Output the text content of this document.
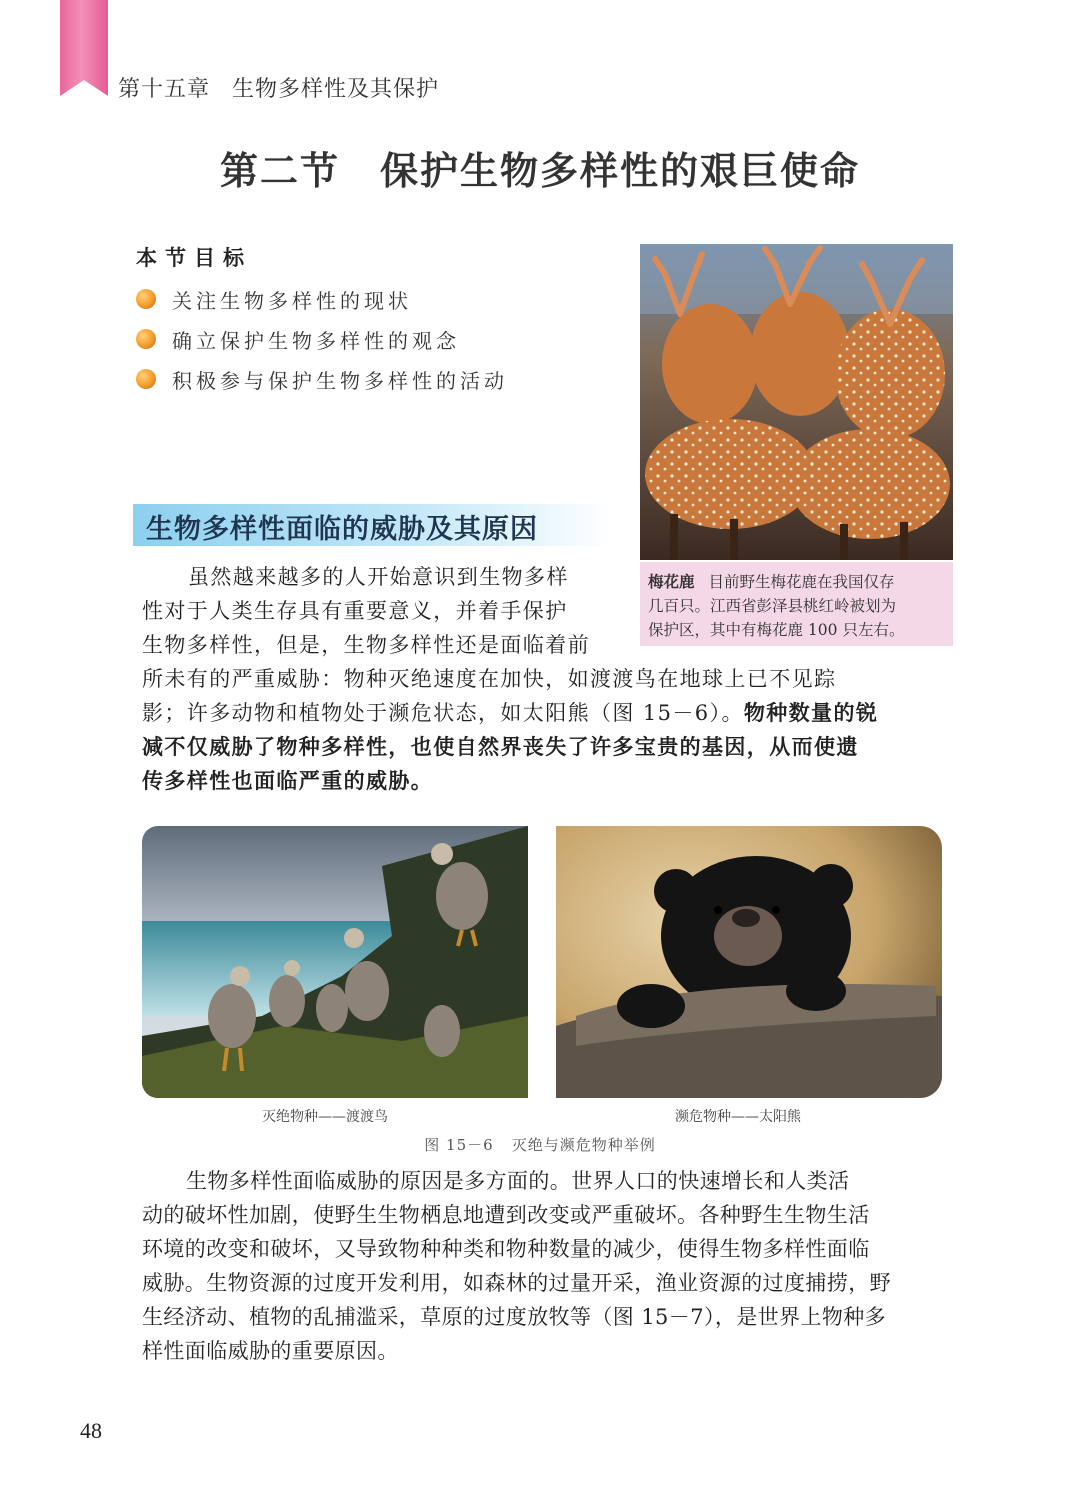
第十五章 生物多样性及其保护
第二节 保护生物多样性的艰巨使命
本节目标
关注生物多样性的现状
确立保护生物多样性的观念
积极参与保护生物多样性的活动
梅花鹿 目前野生梅花鹿在我国仅存
几百只。江西省彭泽县桃红岭被划为
保护区，其中有梅花鹿 100 只左右。
生物多样性面临的威胁及其原因
虽然越来越多的人开始意识到生物多样
性对于人类生存具有重要意义，并着手保护
生物多样性，但是，生物多样性还是面临着前
所未有的严重威胁：物种灭绝速度在加快，如渡渡鸟在地球上已不见踪
影；许多动物和植物处于濒危状态，如太阳熊（图 15－6）。物种数量的锐
减不仅威胁了物种多样性，也使自然界丧失了许多宝贵的基因，从而使遗
传多样性也面临严重的威胁。
灭绝物种——渡渡鸟	濒危物种——太阳熊
图 15－6 灭绝与濒危物种举例
生物多样性面临威胁的原因是多方面的。世界人口的快速增长和人类活
动的破坏性加剧，使野生生物栖息地遭到改变或严重破坏。各种野生生物生活
环境的改变和破坏，又导致物种种类和物种数量的减少，使得生物多样性面临
威胁。生物资源的过度开发利用，如森林的过量开采，渔业资源的过度捕捞，野
生经济动、植物的乱捕滥采，草原的过度放牧等（图 15－7），是世界上物种多
样性面临威胁的重要原因。
48
